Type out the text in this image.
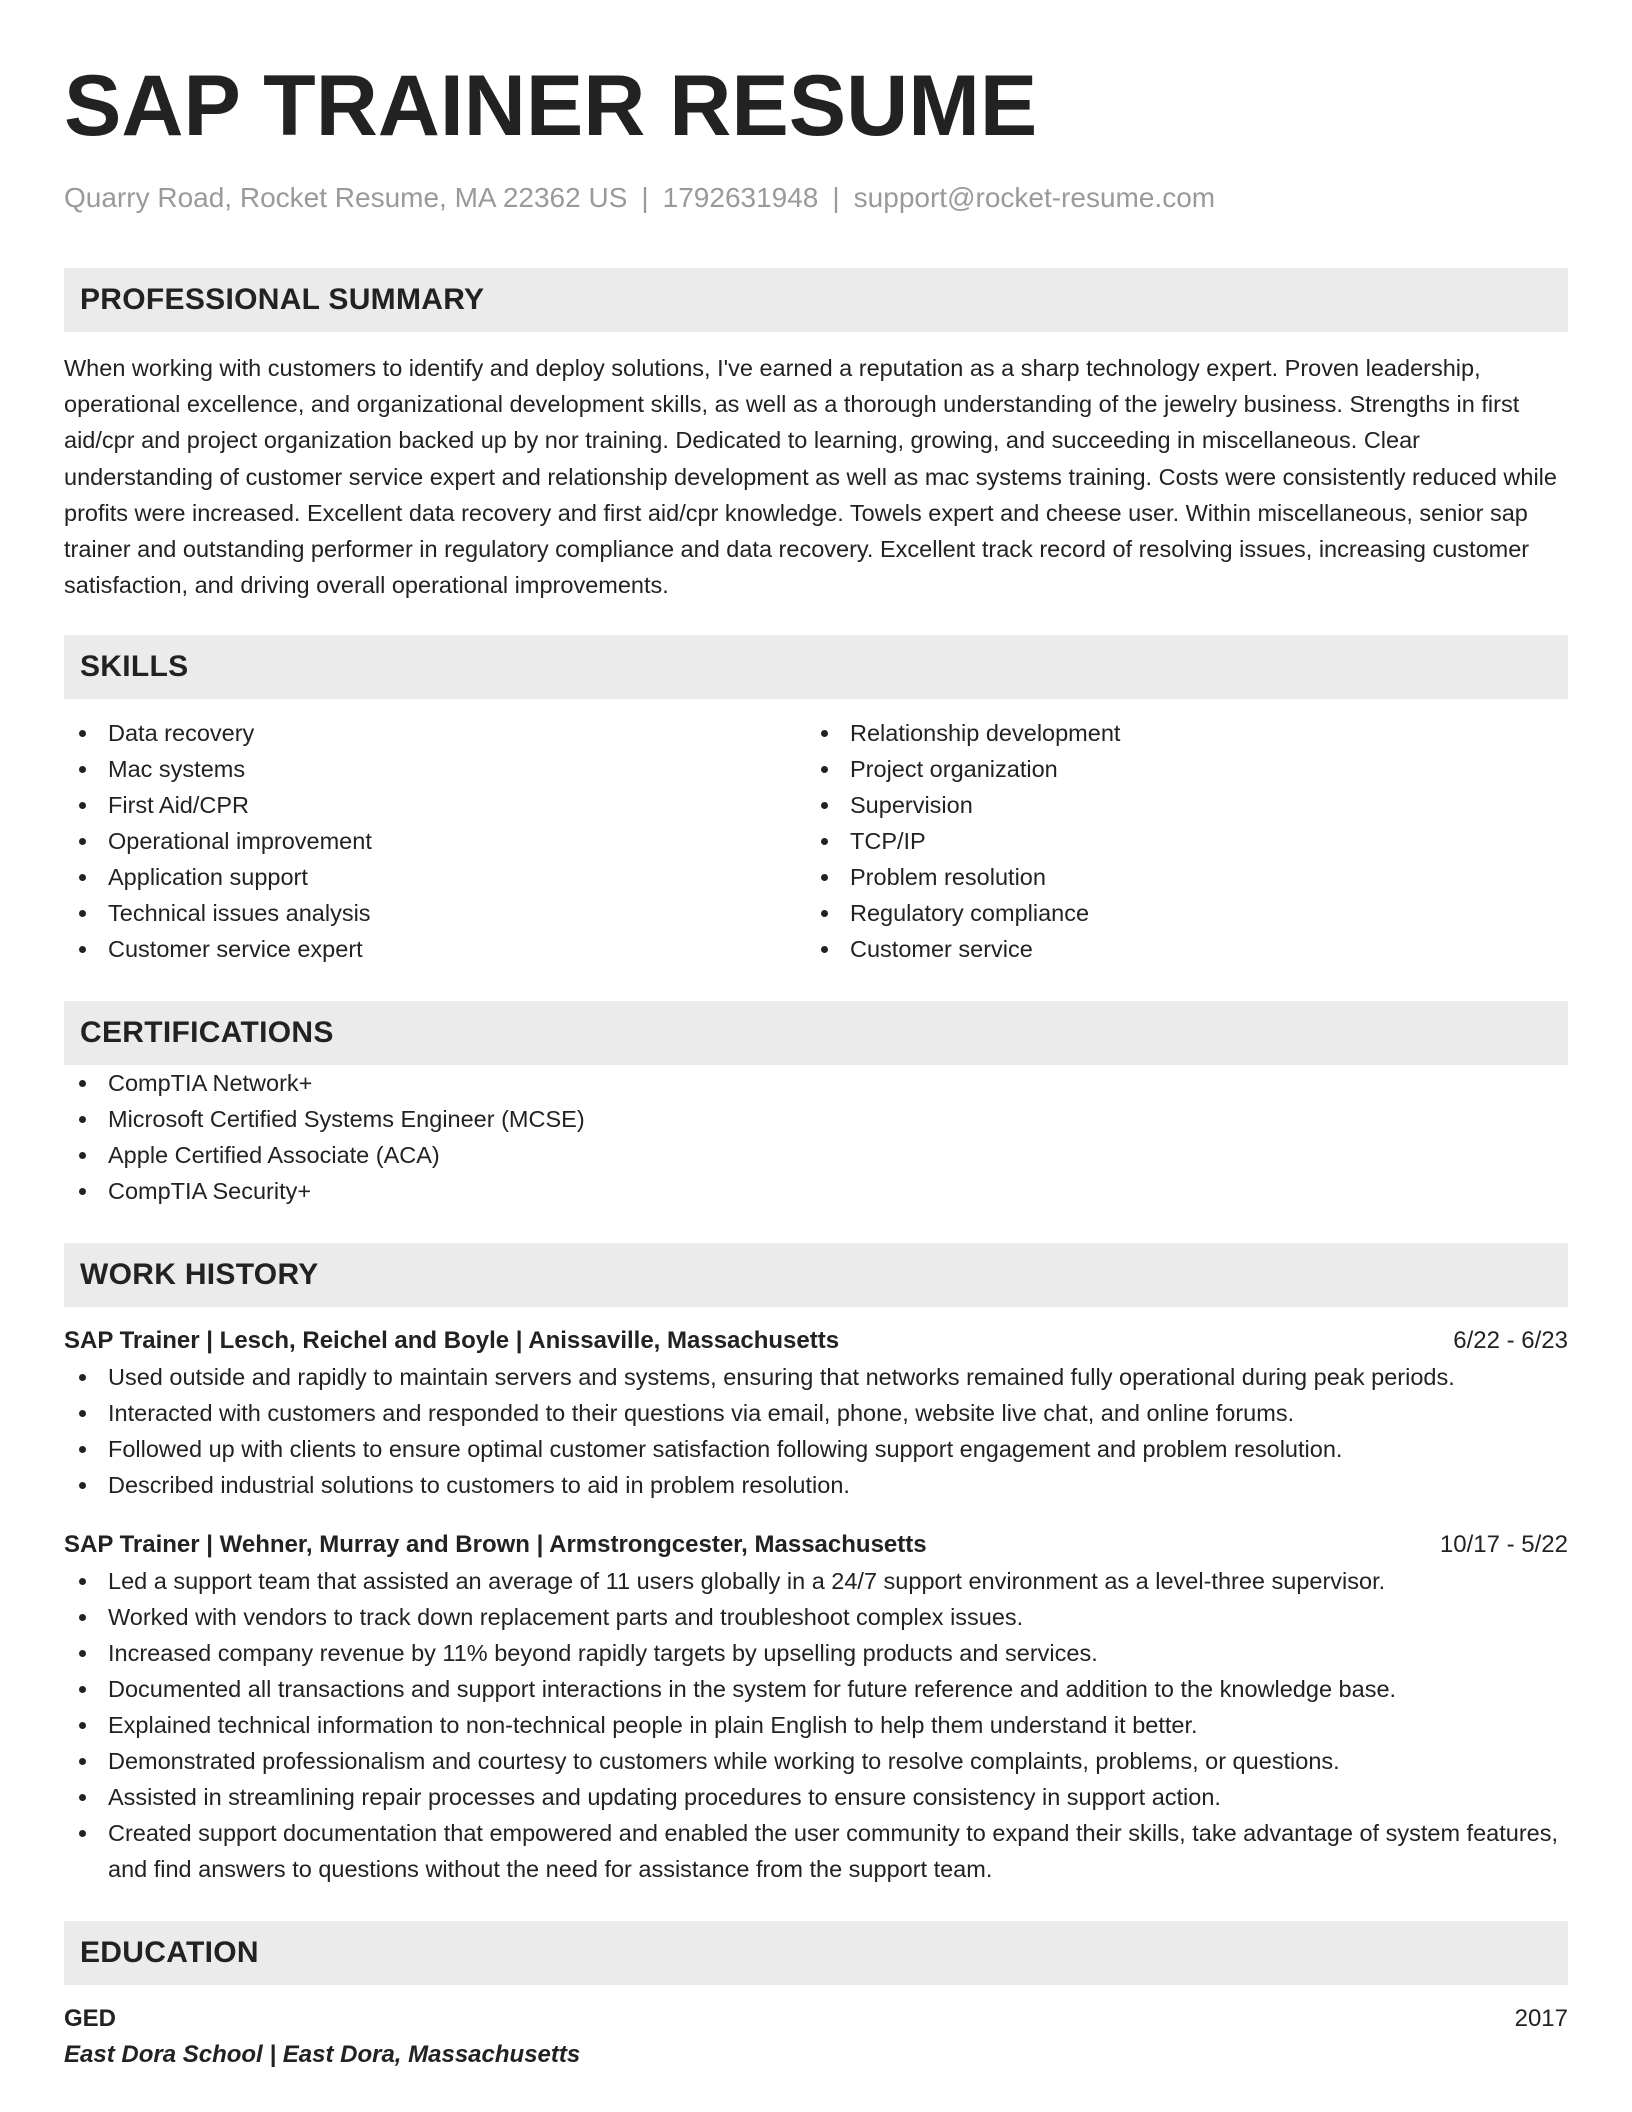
SAP TRAINER RESUME
Quarry Road, Rocket Resume, MA 22362 US | 1792631948 | support@rocket-resume.com
PROFESSIONAL SUMMARY

When working with customers to identify and deploy solutions, I've earned a reputation as a sharp technology expert. Proven leadership, operational excellence, and organizational development skills, as well as a thorough understanding of the jewelry business. Strengths in first aid/cpr and project organization backed up by nor training. Dedicated to learning, growing, and succeeding in miscellaneous. Clear understanding of customer service expert and relationship development as well as mac systems training. Costs were consistently reduced while profits were increased. Excellent data recovery and first aid/cpr knowledge. Towels expert and cheese user. Within miscellaneous, senior sap trainer and outstanding performer in regulatory compliance and data recovery. Excellent track record of resolving issues, increasing customer satisfaction, and driving overall operational improvements.

SKILLS
Data recovery
Mac systems
First Aid/CPR
Operational improvement
Application support
Technical issues analysis
Customer service expert
Relationship development
Project organization
Supervision
TCP/IP
Problem resolution
Regulatory compliance
Customer service
CERTIFICATIONS
CompTIA Network+
Microsoft Certified Systems Engineer (MCSE)
Apple Certified Associate (ACA)
CompTIA Security+
WORK HISTORY
SAP Trainer | Lesch, Reichel and Boyle | Anissaville, Massachusetts	6/22 - 6/23
Used outside and rapidly to maintain servers and systems, ensuring that networks remained fully operational during peak periods.
Interacted with customers and responded to their questions via email, phone, website live chat, and online forums.
Followed up with clients to ensure optimal customer satisfaction following support engagement and problem resolution.
Described industrial solutions to customers to aid in problem resolution.
SAP Trainer | Wehner, Murray and Brown | Armstrongcester, Massachusetts	10/17 - 5/22
Led a support team that assisted an average of 11 users globally in a 24/7 support environment as a level-three supervisor.
Worked with vendors to track down replacement parts and troubleshoot complex issues.
Increased company revenue by 11% beyond rapidly targets by upselling products and services.
Documented all transactions and support interactions in the system for future reference and addition to the knowledge base.
Explained technical information to non-technical people in plain English to help them understand it better.
Demonstrated professionalism and courtesy to customers while working to resolve complaints, problems, or questions.
Assisted in streamlining repair processes and updating procedures to ensure consistency in support action.
Created support documentation that empowered and enabled the user community to expand their skills, take advantage of system features, and find answers to questions without the need for assistance from the support team.
EDUCATION
GED	2017
East Dora School | East Dora, Massachusetts
